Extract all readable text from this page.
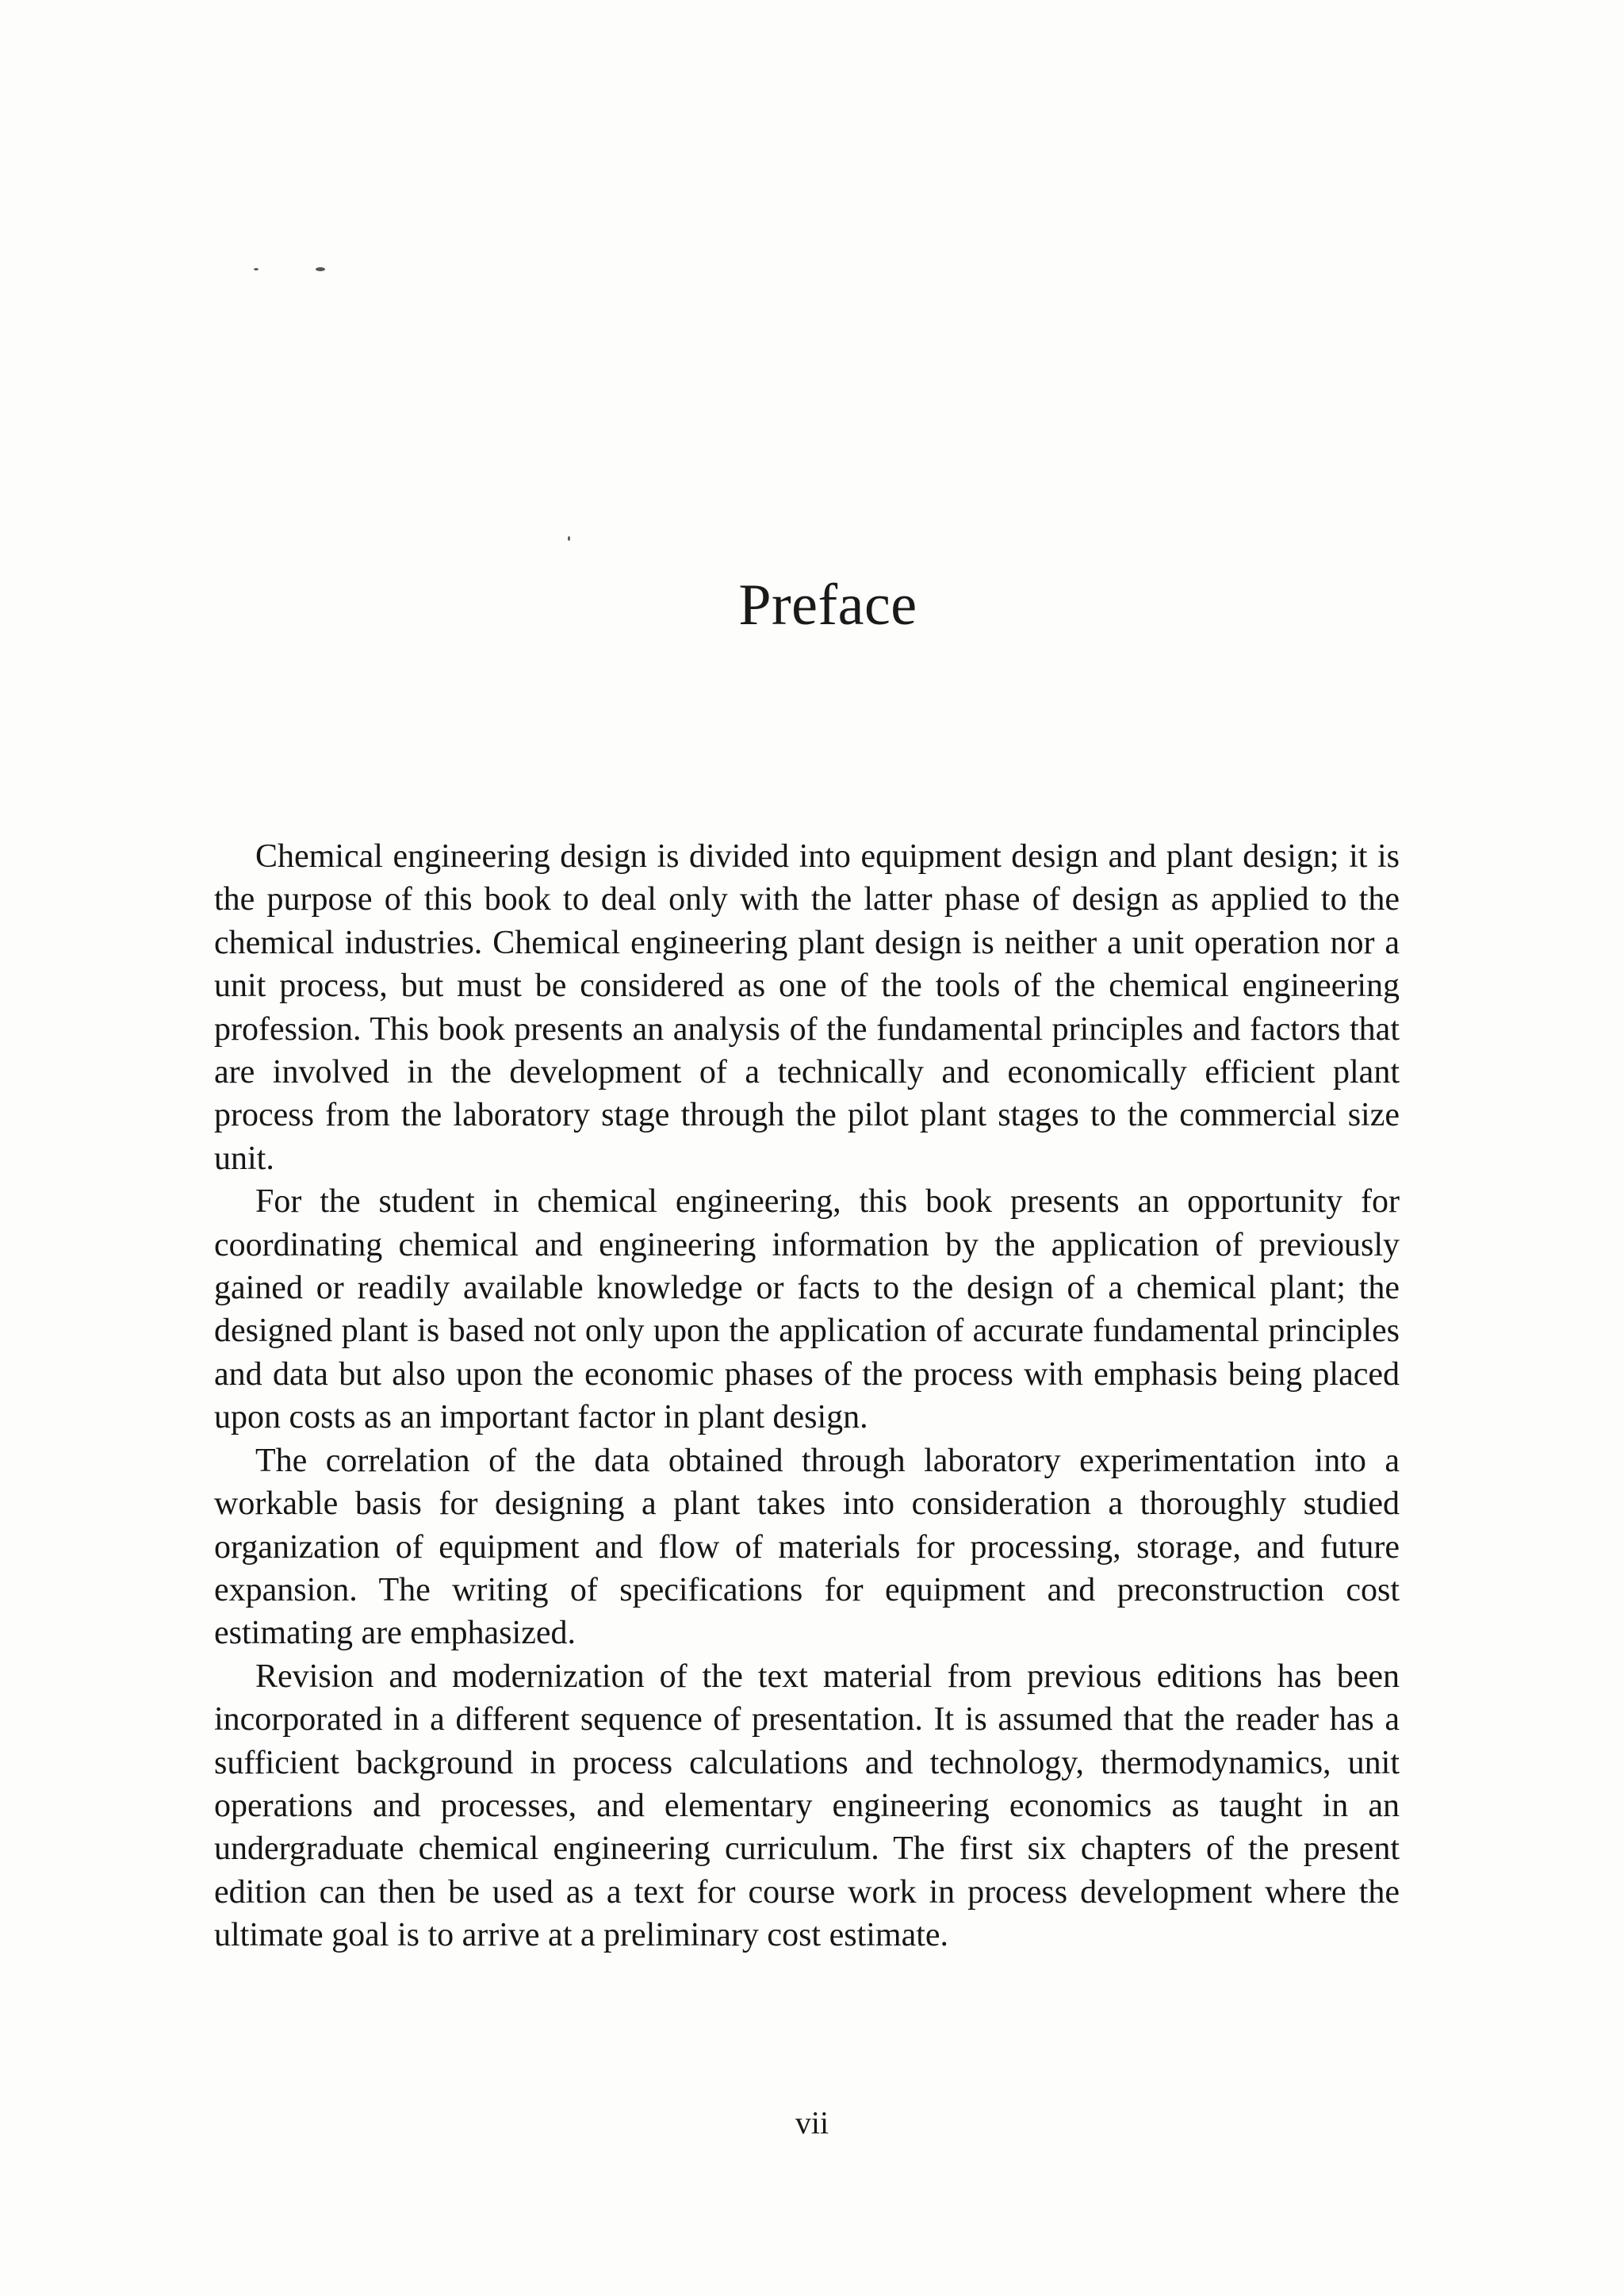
Preface

Chemical engineering design is divided into equipment design and plant design; it is the purpose of this book to deal only with the latter phase of design as applied to the chemical industries. Chemical engineering plant design is neither a unit operation nor a unit process, but must be considered as one of the tools of the chemical engineering profession. This book presents an analysis of the fundamental principles and factors that are involved in the development of a technically and economically efficient plant process from the laboratory stage through the pilot plant stages to the commercial size unit.

For the student in chemical engineering, this book presents an opportunity for coordinating chemical and engineering information by the application of previously gained or readily available knowledge or facts to the design of a chemical plant; the designed plant is based not only upon the application of accurate fundamental principles and data but also upon the economic phases of the process with emphasis being placed upon costs as an important factor in plant design.

The correlation of the data obtained through laboratory experimentation into a workable basis for designing a plant takes into consideration a thoroughly studied organization of equipment and flow of materials for processing, storage, and future expansion. The writing of specifications for equipment and preconstruction cost estimating are emphasized.

Revision and modernization of the text material from previous editions has been incorporated in a different sequence of presentation. It is assumed that the reader has a sufficient background in process calculations and technology, thermodynamics, unit operations and processes, and elementary engineering economics as taught in an undergraduate chemical engineering curriculum. The first six chapters of the present edition can then be used as a text for course work in process development where the ultimate goal is to arrive at a preliminary cost estimate.

vii
